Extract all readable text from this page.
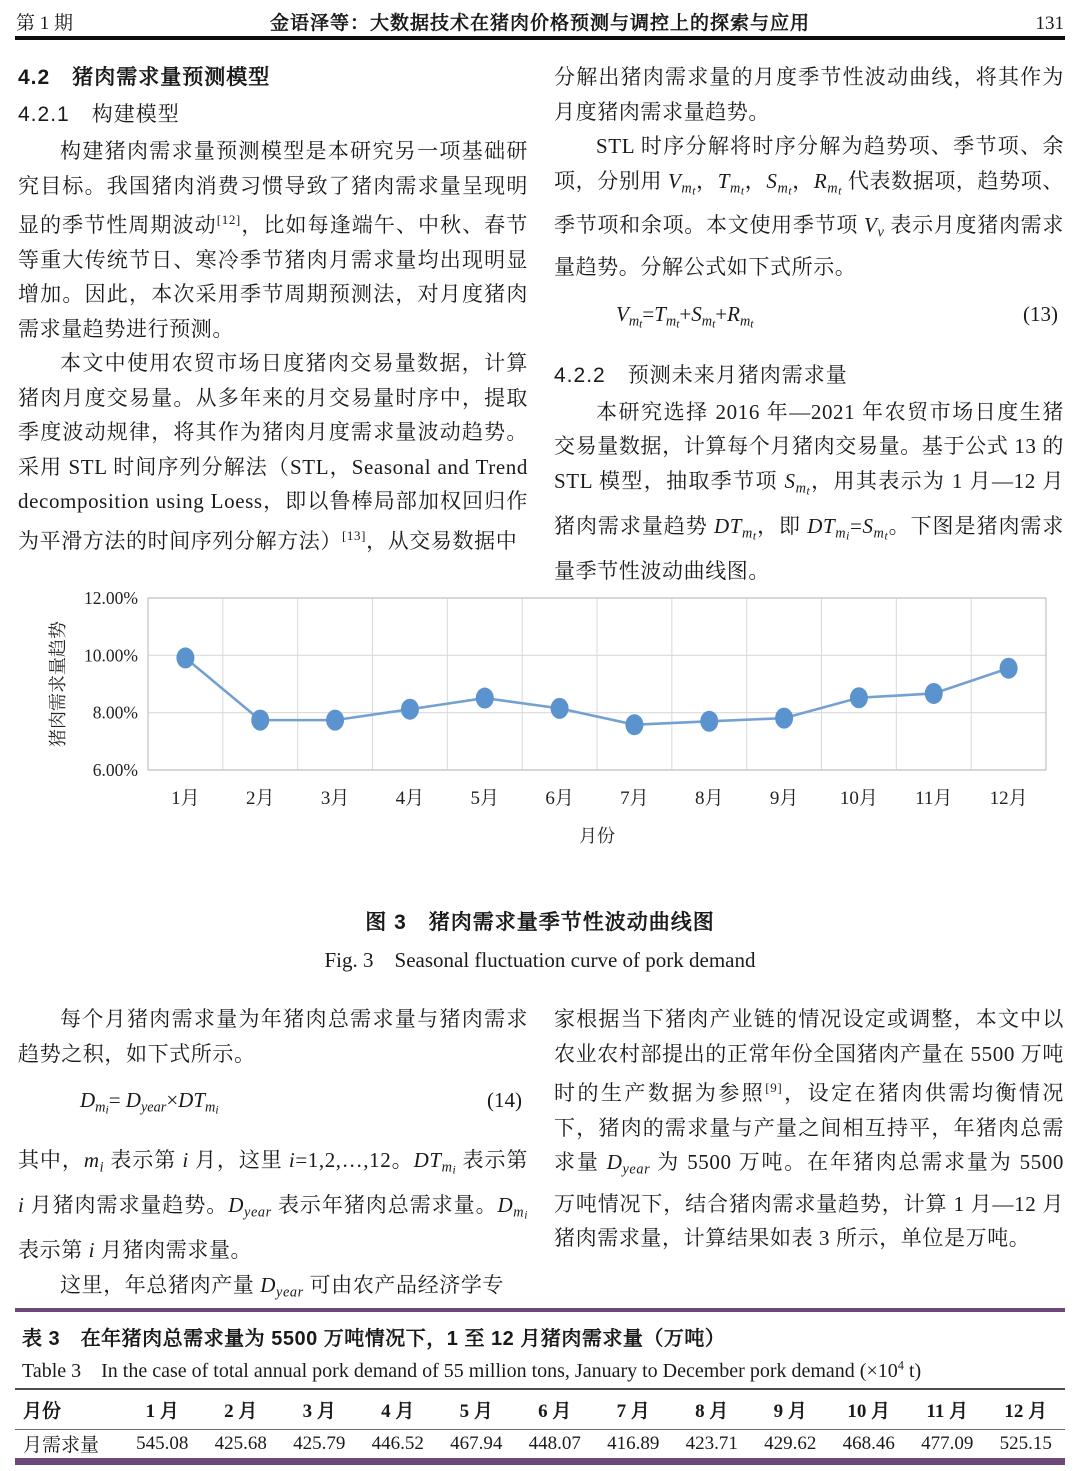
第 1 期	金语泽等：大数据技术在猪肉价格预测与调控上的探索与应用	131
4.2　猪肉需求量预测模型
4.2.1　构建模型

构建猪肉需求量预测模型是本研究另一项基础研究目标。我国猪肉消费习惯导致了猪肉需求量呈现明显的季节性周期波动[12]，比如每逢端午、中秋、春节等重大传统节日、寒冷季节猪肉月需求量均出现明显增加。因此，本次采用季节周期预测法，对月度猪肉需求量趋势进行预测。

本文中使用农贸市场日度猪肉交易量数据，计算猪肉月度交易量。从多年来的月交易量时序中，提取季度波动规律，将其作为猪肉月度需求量波动趋势。采用 STL 时间序列分解法（STL，Seasonal and Trend decomposition using Loess，即以鲁棒局部加权回归作为平滑方法的时间序列分解方法）[13]，从交易数据中

分解出猪肉需求量的月度季节性波动曲线，将其作为月度猪肉需求量趋势。

STL 时序分解将时序分解为趋势项、季节项、余项，分别用 $V_{mt}$，$T_{mt}$，$S_{mt}$，$R_{mt}$ 代表数据项，趋势项、季节项和余项。本文使用季节项 $V_v$ 表示月度猪肉需求量趋势。分解公式如下式所示。

$V_{mt}=T_{mt}+S_{mt}+R_{mt}$	(13)
4.2.2　预测未来月猪肉需求量

本研究选择 2016 年—2021 年农贸市场日度生猪交易量数据，计算每个月猪肉交易量。基于公式 13 的 STL 模型，抽取季节项 $S_{mt}$，用其表示为 1 月—12 月猪肉需求量趋势 $DT_{mt}$，即 $DT_{mi}=S_{mt}$。下图是猪肉需求量季节性波动曲线图。

6.00%
8.00%
10.00%
12.00%
1月 2月 3月 4月 5月 6月 7月 8月 9月 10月 11月 12月
月份
猪肉需求量趋势
图 3　猪肉需求量季节性波动曲线图
Fig. 3　Seasonal fluctuation curve of pork demand

每个月猪肉需求量为年猪肉总需求量与猪肉需求趋势之积，如下式所示。

$D_{mi}= D_{year}\times DT_{mi}$	(14)

其中，$m_i$ 表示第 i 月，这里 i=1,2,…,12。$DT_{mi}$ 表示第 i 月猪肉需求量趋势。$D_{year}$ 表示年猪肉总需求量。$D_{mi}$ 表示第 i 月猪肉需求量。

这里，年总猪肉产量 $D_{year}$ 可由农产品经济学专

家根据当下猪肉产业链的情况设定或调整，本文中以农业农村部提出的正常年份全国猪肉产量在 5500 万吨时的生产数据为参照[9]，设定在猪肉供需均衡情况下，猪肉的需求量与产量之间相互持平，年猪肉总需求量 $D_{year}$ 为 5500 万吨。在年猪肉总需求量为 5500 万吨情况下，结合猪肉需求量趋势，计算 1 月—12 月猪肉需求量，计算结果如表 3 所示，单位是万吨。

表 3　在年猪肉总需求量为 5500 万吨情况下，1 至 12 月猪肉需求量（万吨）
Table 3　In the case of total annual pork demand of 55 million tons, January to December pork demand ($\times 10^4$ t)
月份	1 月	2 月	3 月	4 月	5 月	6 月	7 月	8 月	9 月	10 月	11 月	12 月
月需求量	545.08	425.68	425.79	446.52	467.94	448.07	416.89	423.71	429.62	468.46	477.09	525.15
